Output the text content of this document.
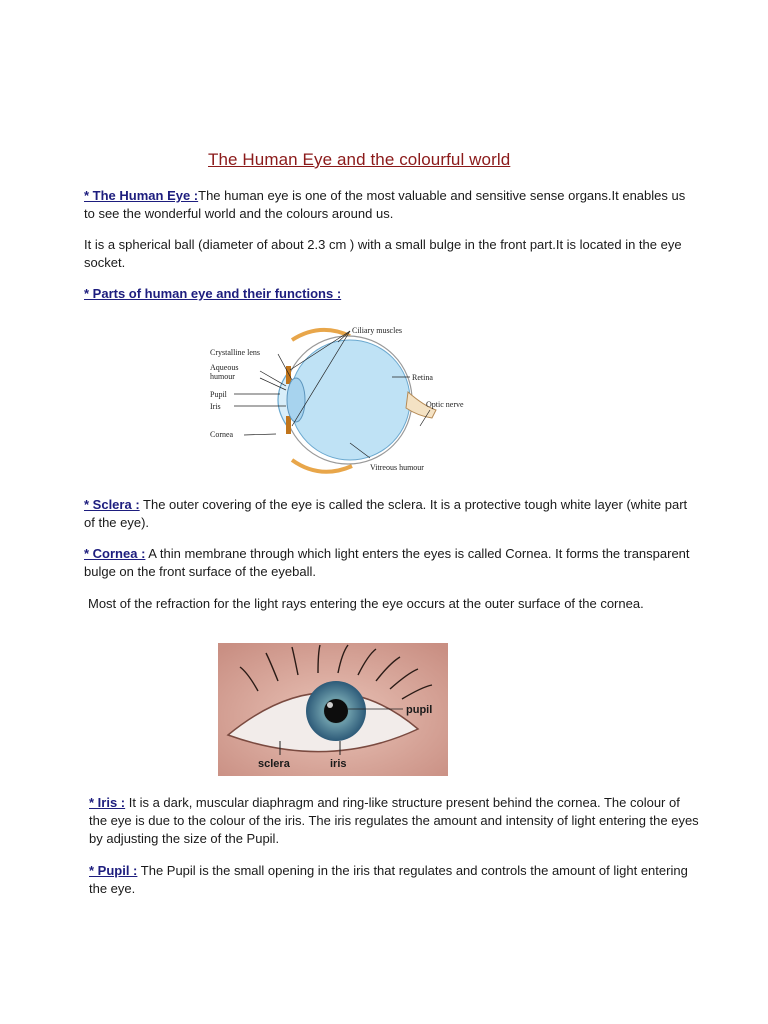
The Human Eye and the colourful world

* The Human Eye :The human eye is one of the most valuable and sensitive sense organs.It enables us to see the wonderful world and the colours around us.

It is a spherical ball (diameter of about 2.3 cm ) with a small bulge in the front part.It is located in the eye socket.

* Parts of human eye and their functions :

Ciliary muscles
Crystalline lens
Aqueous
humour
Pupil
Iris
Cornea
Retina
Optic nerve
Vitreous humour

* Sclera : The outer covering of the eye is called the sclera. It is a protective tough white layer (white part of the eye).

* Cornea : A thin membrane through which light enters the eyes is called Cornea. It forms the transparent bulge on the front surface of the eyeball.

Most of the refraction for the light rays entering the eye occurs at the outer surface of the cornea.

pupil
sclera	iris

* Iris : It is a dark, muscular diaphragm and ring-like structure present behind the cornea. The colour of the eye is due to the colour of the iris. The iris regulates the amount and intensity of light entering the eyes by adjusting the size of the Pupil.

* Pupil : The Pupil is the small opening in the iris that regulates and controls the amount of light entering the eye.
